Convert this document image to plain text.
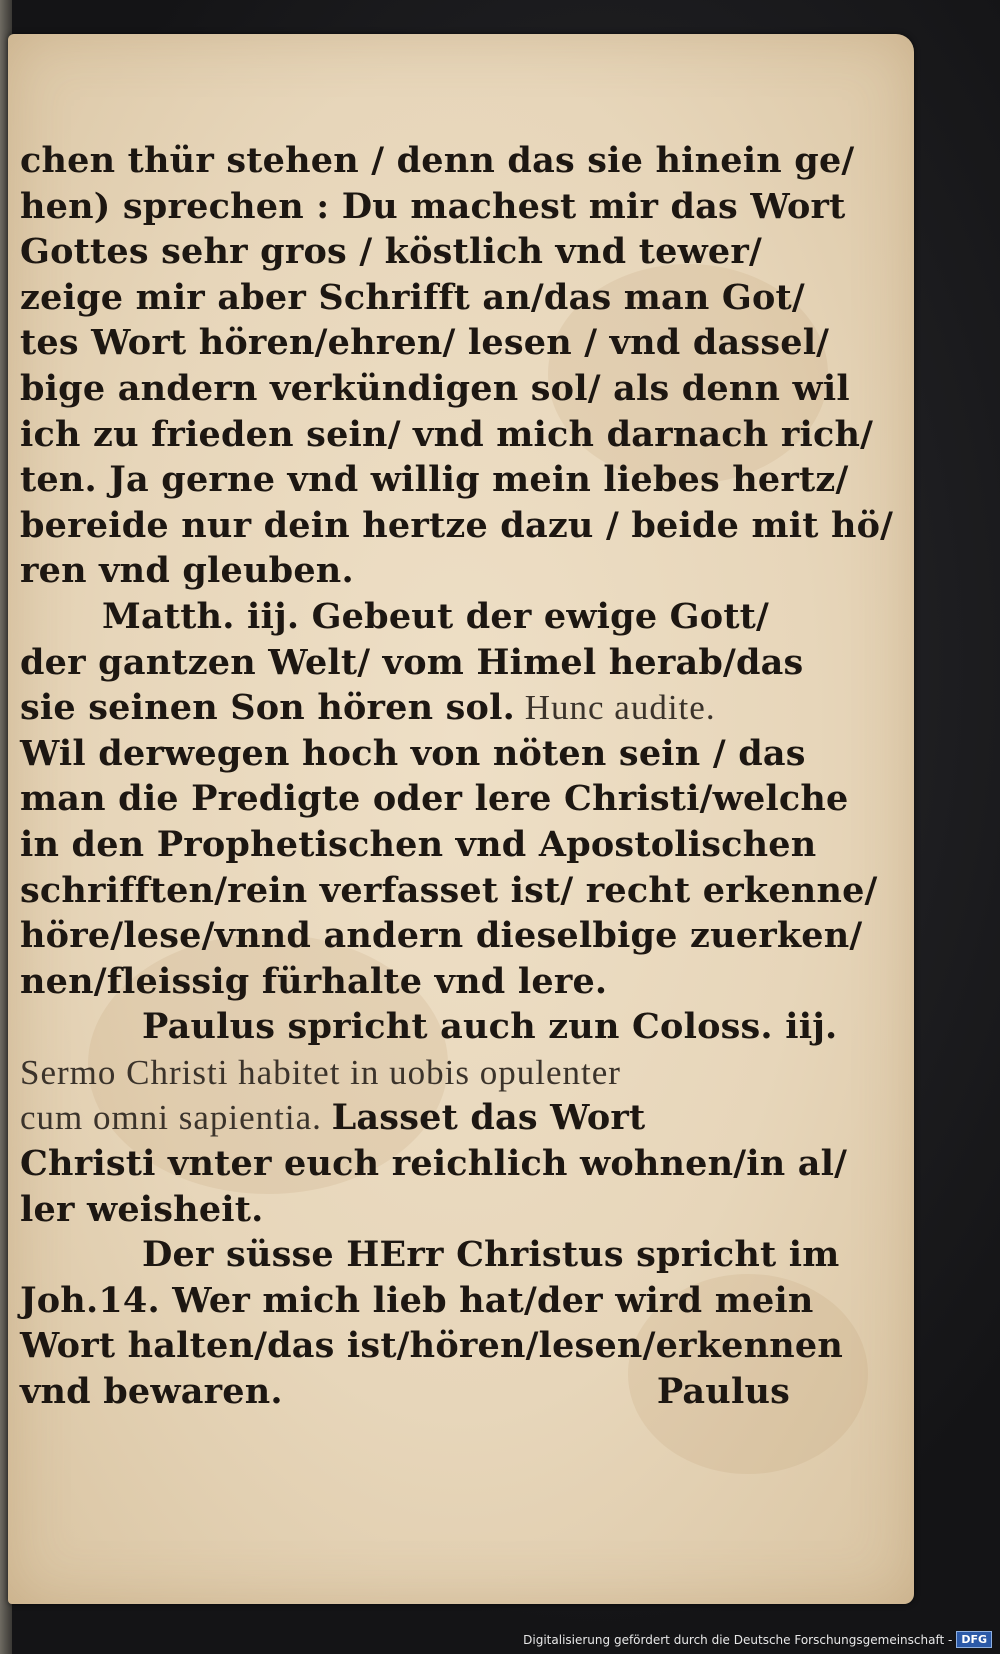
chen thür stehen / denn das sie hinein ge/
hen) sprechen : Du machest mir das Wort
Gottes sehr gros / köstlich vnd tewer/
zeige mir aber Schrifft an/das man Got/
tes Wort hören/ehren/ lesen / vnd dassel/
bige andern verkündigen sol/ als denn wil
ich zu frieden sein/ vnd mich darnach rich/
ten. Ja gerne vnd willig mein liebes hertz/
bereide nur dein hertze dazu / beide mit hö/
ren vnd gleuben.
Matth. iij. Gebeut der ewige Gott/
der gantzen Welt/ vom Himel herab/das
sie seinen Son hören sol. Hunc audite.
Wil derwegen hoch von nöten sein / das
man die Predigte oder lere Christi/welche
in den Prophetischen vnd Apostolischen
schrifften/rein verfasset ist/ recht erkenne/
höre/lese/vnnd andern dieselbige zuerken/
nen/fleissig fürhalte vnd lere.
Paulus spricht auch zun Coloss. iij.
Sermo Christi habitet in uobis opulenter
cum omni sapientia. Lasset das Wort
Christi vnter euch reichlich wohnen/in al/
ler weisheit.
Der süsse HErr Christus spricht im
Joh.14. Wer mich lieb hat/der wird mein
Wort halten/das ist/hören/lesen/erkennen
vnd bewaren.	Paulus
Digitalisierung gefördert durch die Deutsche Forschungsgemeinschaft - DFG
